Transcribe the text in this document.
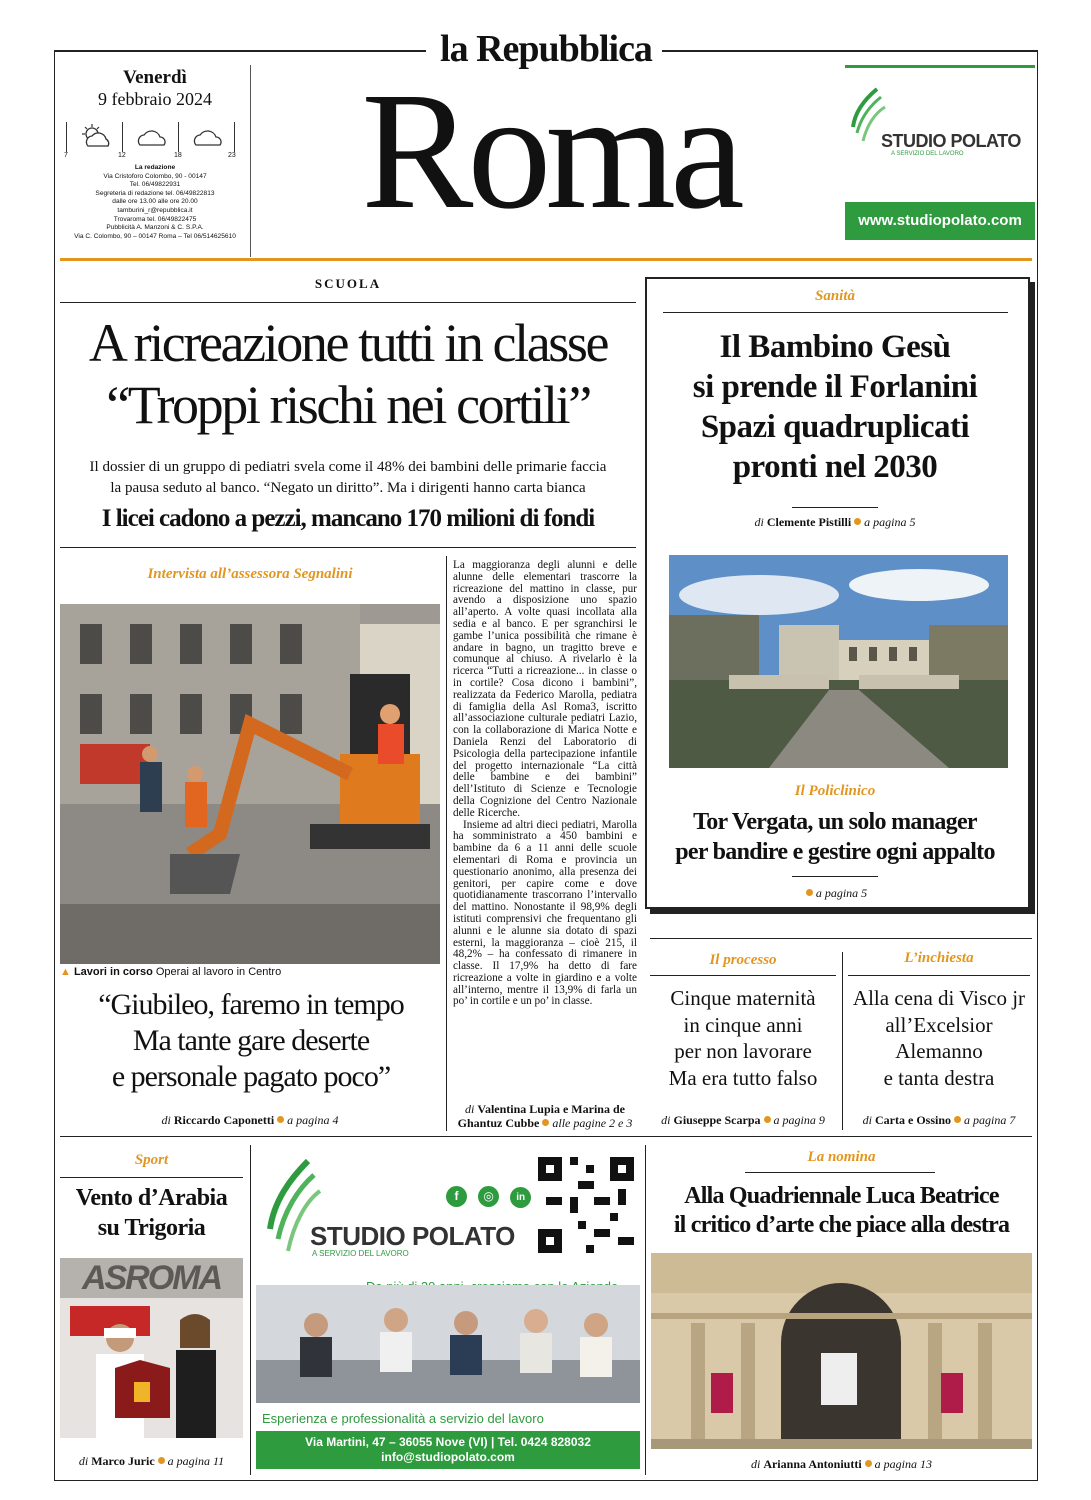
la Repubblica
Venerdì
9 febbraio 2024
7	12	18	23
La redazione
Via Cristoforo Colombo, 90 - 00147
Tel. 06/49822931
Segreteria di redazione tel. 06/49822813
dalle ore 13.00 alle ore 20.00
tamburini_r@repubblica.it
Trovaroma tel. 06/49822475
Pubblicità A. Manzoni & C. S.P.A.
Via C. Colombo, 90 – 00147 Roma – Tel 06/514625610 Roma	STUDIO POLATO
A SERVIZIO DEL LAVORO
www.studiopolato.com
SCUOLA
A ricreazione tutti in classe
“Troppi rischi nei cortili”
Il dossier di un gruppo di pediatri svela come il 48% dei bambini delle primarie faccia
la pausa seduto al banco. “Negato un diritto”. Ma i dirigenti hanno carta bianca
I licei cadono a pezzi, mancano 170 milioni di fondi
Intervista all’assessora Segnalini
▲ Lavori in corso Operai al lavoro in Centro
“Giubileo, faremo in tempo
Ma tante gare deserte
e personale pagato poco”
di Riccardo Caponetti a pagina 4
La maggioranza degli alunni e delle alunne delle elementari trascorre la ricreazione del mattino in classe, pur avendo a disposizione uno spazio all’aperto. A volte quasi incollata alla sedia e al banco. E per sgranchirsi le gambe l’unica possibilità che rimane è andare in bagno, un tragitto breve e comunque al chiuso. A rivelarlo è la ricerca “Tutti a ricreazione... in classe o in cortile? Cosa dicono i bambini”, realizzata da Federico Marolla, pediatra di famiglia della Asl Roma3, iscritto all’associazione culturale pediatri Lazio, con la collaborazione di Marica Notte e Daniela Renzi del Laboratorio di Psicologia della partecipazione infantile del progetto internazionale “La città delle bambine e dei bambini” dell’Istituto di Scienze e Tecnologie della Cognizione del Centro Nazionale delle Ricerche.
Insieme ad altri dieci pediatri, Marolla ha somministrato a 450 bambini e bambine da 6 a 11 anni delle scuole elementari di Roma e provincia un questionario anonimo, alla presenza dei genitori, per capire come e dove quotidianamente trascorrano l’intervallo del mattino. Nonostante il 98,9% degli istituti comprensivi che frequentano gli alunni e le alunne sia dotato di spazi esterni, la maggioranza – cioè 215, il 48,2% – ha confessato di rimanere in classe. Il 17,9% ha detto di fare ricreazione a volte in giardino e a volte all’interno, mentre il 13,9% di farla un po’ in cortile e un po’ in classe.
di Valentina Lupia e Marina de Ghantuz Cubbe alle pagine 2 e 3
Sanità
Il Bambino Gesù
si prende il Forlanini
Spazi quadruplicati
pronti nel 2030
di Clemente Pistilli a pagina 5
Il Policlinico
Tor Vergata, un solo manager
per bandire e gestire ogni appalto
a pagina 5
Il processo
Cinque maternità
in cinque anni
per non lavorare
Ma era tutto falso
di Giuseppe Scarpa a pagina 9
L’inchiesta
Alla cena di Visco jr
all’Excelsior
Alemanno
e tanta destra
di Carta e Ossino a pagina 7
Sport
Vento d’Arabia
su Trigoria
ASROMA
di Marco Juric a pagina 11
STUDIO POLATO
A SERVIZIO DEL LAVORO
f ◎ in
Esperienza e professionalità a servizio del lavoro
Via Martini, 47 – 36055 Nove (VI) | Tel. 0424 828032
info@studiopolato.com
La nomina
Alla Quadriennale Luca Beatrice
il critico d’arte che piace alla destra
di Arianna Antoniutti a pagina 13
